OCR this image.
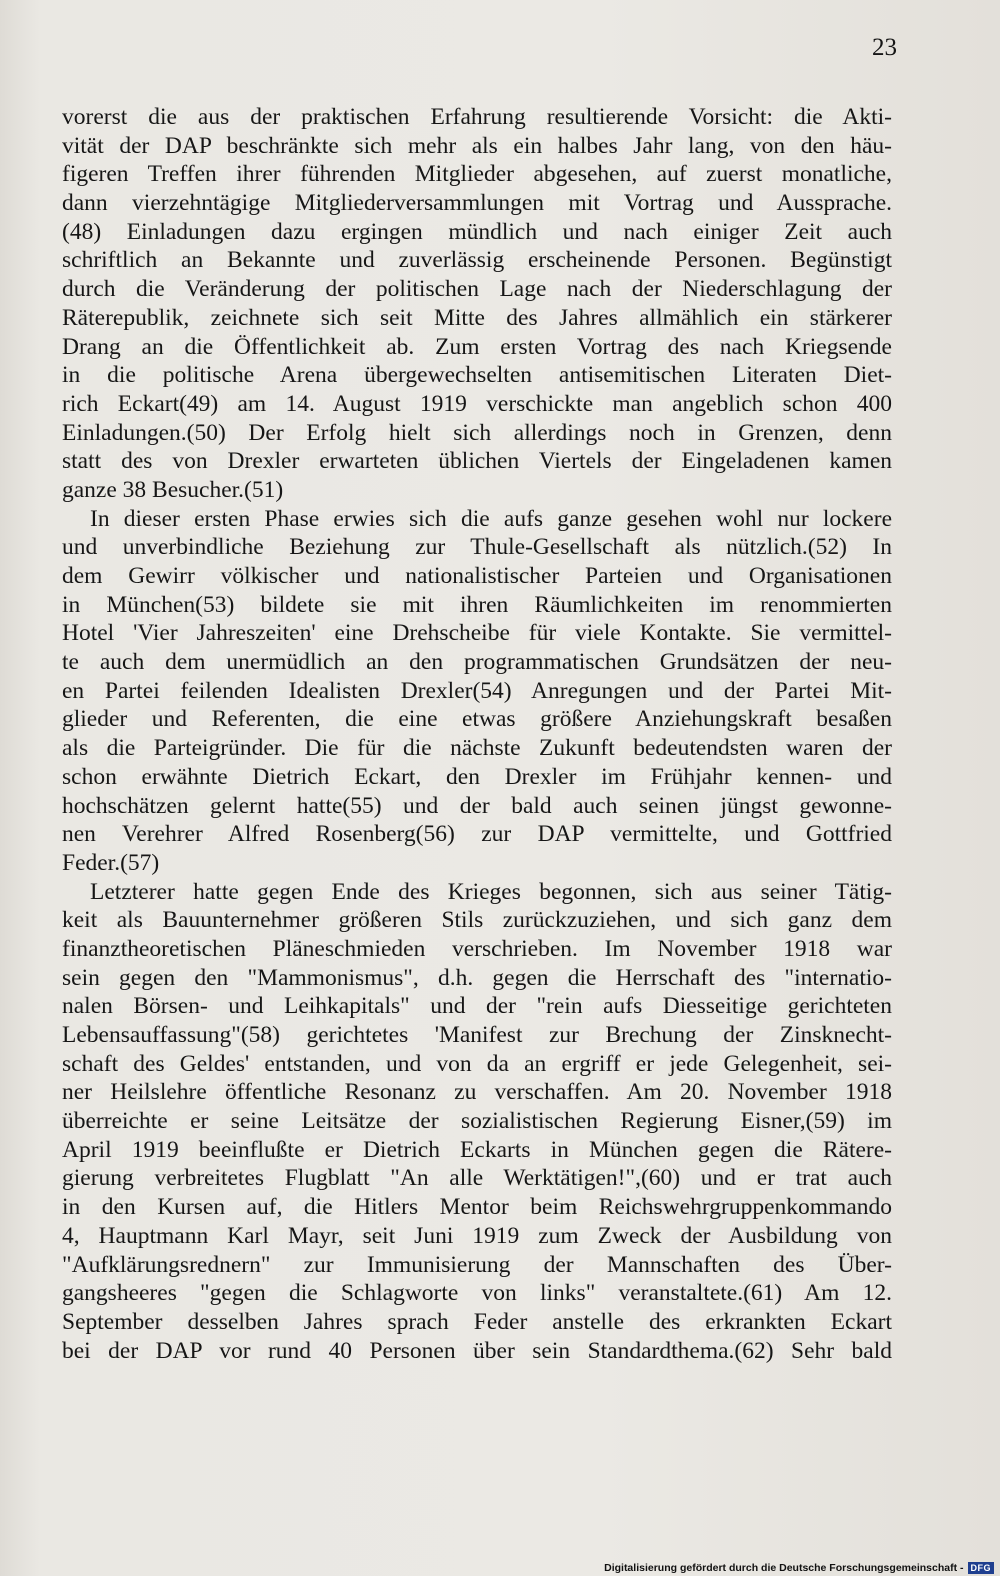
23
vorerst die aus der praktischen Erfahrung resultierende Vorsicht: die Akti-
vität der DAP beschränkte sich mehr als ein halbes Jahr lang, von den häu-
figeren Treffen ihrer führenden Mitglieder abgesehen, auf zuerst monatliche,
dann vierzehntägige Mitgliederversammlungen mit Vortrag und Aussprache.
(48) Einladungen dazu ergingen mündlich und nach einiger Zeit auch
schriftlich an Bekannte und zuverlässig erscheinende Personen. Begünstigt
durch die Veränderung der politischen Lage nach der Niederschlagung der
Räterepublik, zeichnete sich seit Mitte des Jahres allmählich ein stärkerer
Drang an die Öffentlichkeit ab. Zum ersten Vortrag des nach Kriegsende
in die politische Arena übergewechselten antisemitischen Literaten Diet-
rich Eckart(49) am 14. August 1919 verschickte man angeblich schon 400
Einladungen.(50) Der Erfolg hielt sich allerdings noch in Grenzen, denn
statt des von Drexler erwarteten üblichen Viertels der Eingeladenen kamen
ganze 38 Besucher.(51)
In dieser ersten Phase erwies sich die aufs ganze gesehen wohl nur lockere
und unverbindliche Beziehung zur Thule-Gesellschaft als nützlich.(52) In
dem Gewirr völkischer und nationalistischer Parteien und Organisationen
in München(53) bildete sie mit ihren Räumlichkeiten im renommierten
Hotel 'Vier Jahreszeiten' eine Drehscheibe für viele Kontakte. Sie vermittel-
te auch dem unermüdlich an den programmatischen Grundsätzen der neu-
en Partei feilenden Idealisten Drexler(54) Anregungen und der Partei Mit-
glieder und Referenten, die eine etwas größere Anziehungskraft besaßen
als die Parteigründer. Die für die nächste Zukunft bedeutendsten waren der
schon erwähnte Dietrich Eckart, den Drexler im Frühjahr kennen- und
hochschätzen gelernt hatte(55) und der bald auch seinen jüngst gewonne-
nen Verehrer Alfred Rosenberg(56) zur DAP vermittelte, und Gottfried
Feder.(57)
Letzterer hatte gegen Ende des Krieges begonnen, sich aus seiner Tätig-
keit als Bauunternehmer größeren Stils zurückzuziehen, und sich ganz dem
finanztheoretischen Pläneschmieden verschrieben. Im November 1918 war
sein gegen den "Mammonismus", d.h. gegen die Herrschaft des "internatio-
nalen Börsen- und Leihkapitals" und der "rein aufs Diesseitige gerichteten
Lebensauffassung"(58) gerichtetes 'Manifest zur Brechung der Zinsknecht-
schaft des Geldes' entstanden, und von da an ergriff er jede Gelegenheit, sei-
ner Heilslehre öffentliche Resonanz zu verschaffen. Am 20. November 1918
überreichte er seine Leitsätze der sozialistischen Regierung Eisner,(59) im
April 1919 beeinflußte er Dietrich Eckarts in München gegen die Rätere-
gierung verbreitetes Flugblatt "An alle Werktätigen!",(60) und er trat auch
in den Kursen auf, die Hitlers Mentor beim Reichswehrgruppenkommando
4, Hauptmann Karl Mayr, seit Juni 1919 zum Zweck der Ausbildung von
"Aufklärungsrednern" zur Immunisierung der Mannschaften des Über-
gangsheeres "gegen die Schlagworte von links" veranstaltete.(61) Am 12.
September desselben Jahres sprach Feder anstelle des erkrankten Eckart
bei der DAP vor rund 40 Personen über sein Standardthema.(62) Sehr bald
Digitalisierung gefördert durch die Deutsche Forschungsgemeinschaft - DFG
